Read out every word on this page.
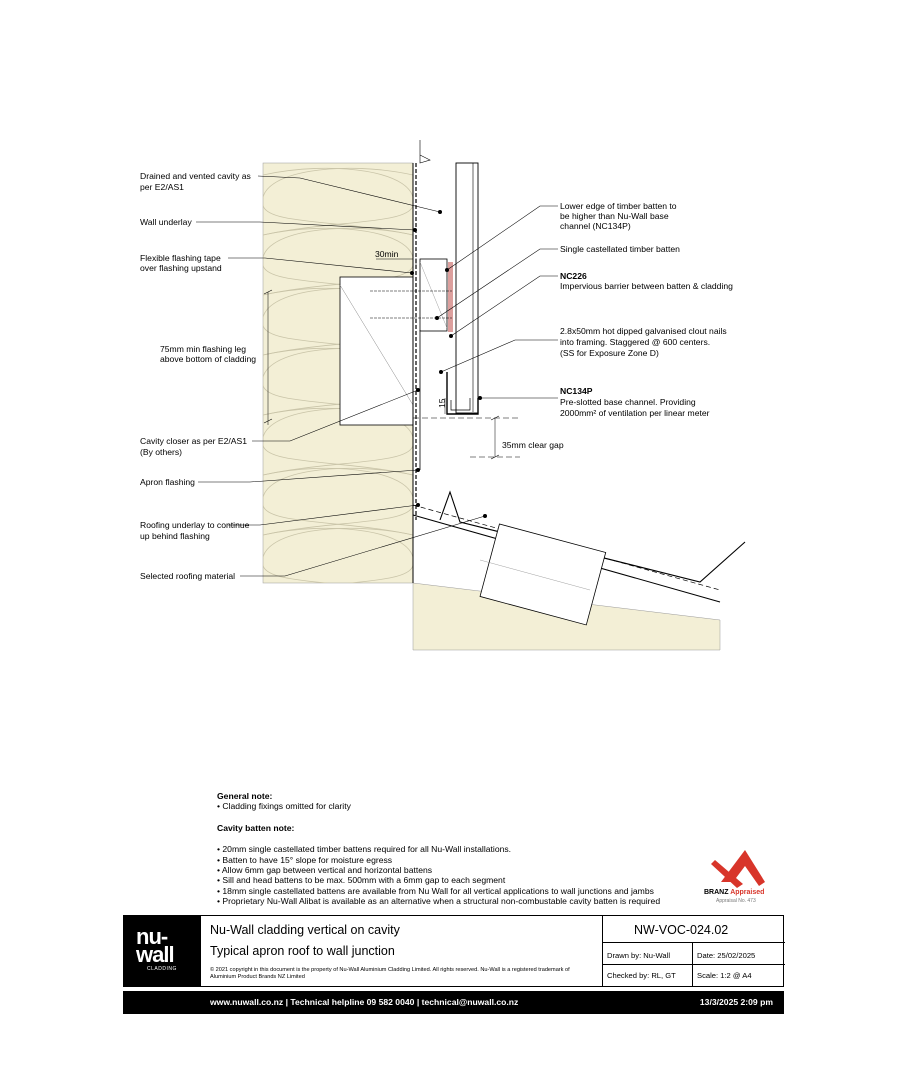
30min
15
Drained and vented cavity as
per E2/AS1
Wall underlay
Flexible flashing tape
over flashing upstand
75mm min flashing leg
above bottom of cladding
Cavity closer as per E2/AS1
(By others)
Apron flashing
Roofing underlay to continue
up behind flashing
Selected roofing material
Lower edge of timber batten to
be higher than Nu-Wall base
channel (NC134P)
Single castellated timber batten
NC226
Impervious barrier between batten & cladding
2.8x50mm hot dipped galvanised clout nails
into framing. Staggered @ 600 centers.
(SS for Exposure Zone D)
NC134P
Pre-slotted base channel. Providing
2000mm² of ventilation per linear meter
35mm clear gap
General note:
• Cladding fixings omitted for clarity
Cavity batten note:
• 20mm single castellated timber battens required for all Nu-Wall installations.
• Batten to have 15° slope for moisture egress
• Allow 6mm gap between vertical and horizontal battens
• Sill and head battens to be max. 500mm with a 6mm gap to each segment
• 18mm single castellated battens are available from Nu Wall for all vertical applications to wall junctions and jambs
• Proprietary Nu-Wall Alibat is available as an alternative when a structural non-combustable cavity batten is required
BRANZ Appraised
Appraisal No. 473
nu-
wall
CLADDING
Nu-Wall cladding vertical on cavity
Typical apron roof to wall junction
© 2021 copyright in this document is the property of Nu-Wall Aluminium Cladding Limited. All rights reserved. Nu-Wall is a registered trademark of Aluminium Product Brands NZ Limited
NW-VOC-024.02
Drawn by: Nu-Wall	Date: 25/02/2025
Checked by: RL, GT	Scale: 1:2 @ A4
www.nuwall.co.nz | Technical helpline 09 582 0040 | technical@nuwall.co.nz	13/3/2025 2:09 pm
